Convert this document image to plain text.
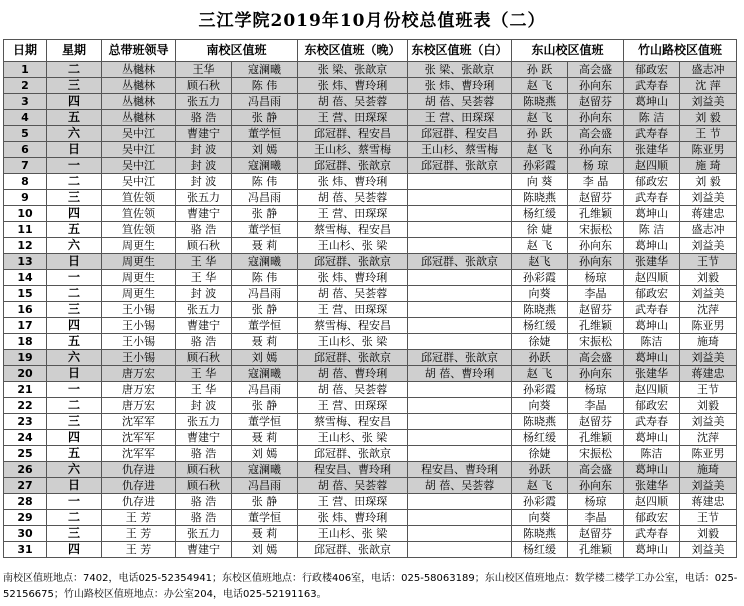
三江学院2019年10月份校总值班表（二）
日期	星期	总带班领导	南校区值班		东校区值班（晚）	东校区值班（白）	东山校区值班		竹山路校区值班	
1	二	丛樾林	王华	寇澜曦	张 梁、张歆京	张 梁、张歆京	孙 跃	高会盛	郁政宏	盛志冲
2	三	丛樾林	顾石秋	陈 伟	张 炜、曹玲琍	张 炜、曹玲琍	赵 飞	孙向东	武寿春	沈 萍
3	四	丛樾林	张五力	冯昌雨	胡 蓓、吴荟蓉	胡 蓓、吴荟蓉	陈晓燕	赵留芬	葛坤山	刘益美
4	五	丛樾林	骆 浩	张 静	王 营、田琛琛	王 营、田琛琛	赵 飞	孙向东	陈 洁	刘 毅
5	六	吴中江	曹建宁	董学恒	邱冠群、程安昌	邱冠群、程安昌	孙 跃	高会盛	武寿春	王 节
6	日	吴中江	封 波	刘 嫣	王山杉、蔡雪梅	王山杉、蔡雪梅	赵 飞	孙向东	张建华	陈亚男
7	一	吴中江	封 波	寇澜曦	邱冠群、张歆京	邱冠群、张歆京	孙彩霞	杨 琼	赵四顺	施 琦
8	二	吴中江	封 波	陈 伟	张 炜、曹玲琍		向 葵	李 晶	郁政宏	刘 毅
9	三	笪佐领	张五力	冯昌雨	胡 蓓、吴荟蓉		陈晓燕	赵留芬	武寿春	刘益美
10	四	笪佐领	曹建宁	张 静	王 营、田琛琛		杨红缓	孔维颖	葛坤山	蒋建忠
11	五	笪佐领	骆 浩	董学恒	蔡雪梅、程安昌		徐 婕	宋振松	陈 洁	盛志冲
12	六	周更生	顾石秋	聂 莉	王山杉、张 梁		赵 飞	孙向东	葛坤山	刘益美
13	日	周更生	王 华	寇澜曦	邱冠群、张歆京	邱冠群、张歆京	赵飞	孙向东	张建华	王节
14	一	周更生	王 华	陈 伟	张 炜、曹玲琍		孙彩霞	杨琼	赵四顺	刘毅
15	二	周更生	封 波	冯昌雨	胡 蓓、吴荟蓉		向葵	李晶	郁政宏	刘益美
16	三	王小锡	张五力	张 静	王 营、田琛琛		陈晓燕	赵留芬	武寿春	沈萍
17	四	王小锡	曹建宁	董学恒	蔡雪梅、程安昌		杨红缓	孔维颖	葛坤山	陈亚男
18	五	王小锡	骆 浩	聂 莉	王山杉、张 梁		徐婕	宋振松	陈洁	施琦
19	六	王小锡	顾石秋	刘 嫣	邱冠群、张歆京	邱冠群、张歆京	孙跃	高会盛	葛坤山	刘益美
20	日	唐万宏	王 华	寇澜曦	胡 蓓、曹玲琍	胡 蓓、曹玲琍	赵 飞	孙向东	张建华	蒋建忠
21	一	唐万宏	王 华	冯昌雨	胡 蓓、吴荟蓉		孙彩霞	杨琼	赵四顺	王节
22	二	唐万宏	封 波	张 静	王 营、田琛琛		向葵	李晶	郁政宏	刘毅
23	三	沈军军	张五力	董学恒	蔡雪梅、程安昌		陈晓燕	赵留芬	武寿春	刘益美
24	四	沈军军	曹建宁	聂 莉	王山杉、张 梁		杨红缓	孔维颖	葛坤山	沈萍
25	五	沈军军	骆 浩	刘 嫣	邱冠群、张歆京		徐婕	宋振松	陈洁	陈亚男
26	六	仇存进	顾石秋	寇澜曦	程安昌、曹玲琍	程安昌、曹玲琍	孙跃	高会盛	葛坤山	施琦
27	日	仇存进	顾石秋	冯昌雨	胡 蓓、吴荟蓉	胡 蓓、吴荟蓉	赵 飞	孙向东	张建华	刘益美
28	一	仇存进	骆 浩	张 静	王 营、田琛琛		孙彩霞	杨琼	赵四顺	蒋建忠
29	二	王 芳	骆 浩	董学恒	张 炜、曹玲琍		向葵	李晶	郁政宏	王节
30	三	王 芳	张五力	聂 莉	王山杉、张 梁		陈晓燕	赵留芬	武寿春	刘毅
31	四	王 芳	曹建宁	刘 嫣	邱冠群、张歆京		杨红缓	孔维颖	葛坤山	刘益美
南校区值班地点：7402，电话025-52354941；东校区值班地点：行政楼406室，电话：025-58063189；东山校区值班地点：数学楼二楼学工办公室，电话：025-52156675；竹山路校区值班地点：办公室204，电话025-52191163。
